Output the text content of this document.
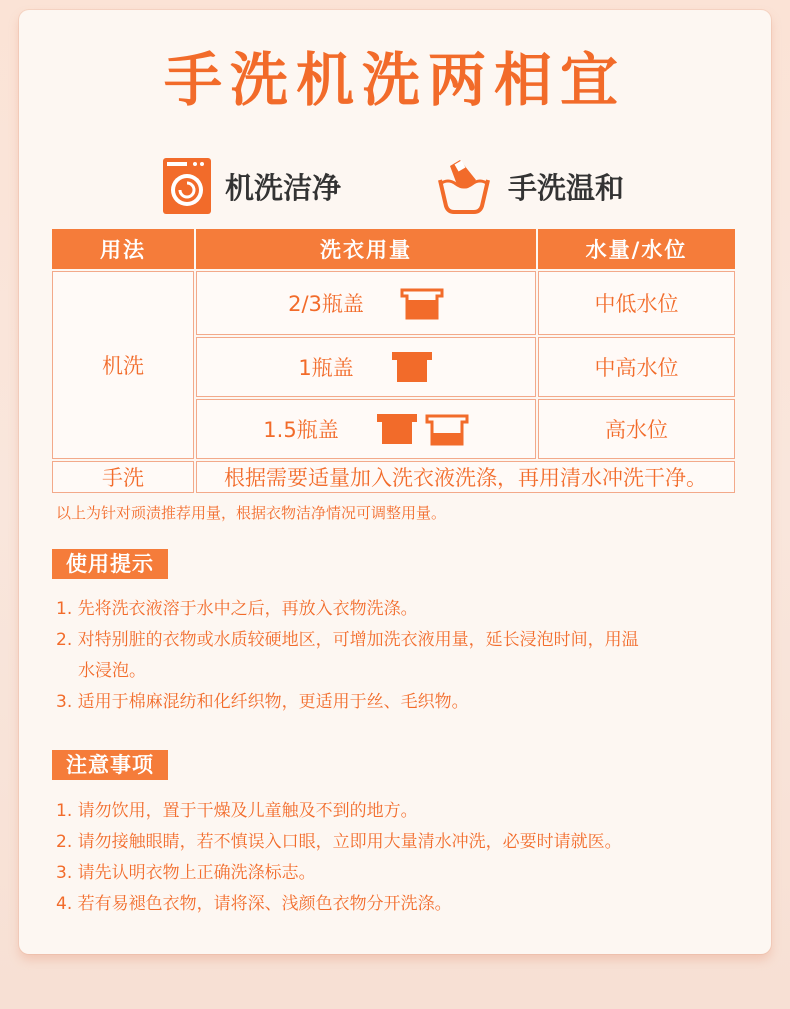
手洗机洗两相宜
机洗洁净	手洗温和
用法	洗衣用量	水量/水位
机洗	2/3瓶盖	中低水位

	1瓶盖	中高水位

	1.5瓶盖	高水位
手洗	根据需要适量加入洗衣液洗涤，再用清水冲洗干净。	
以上为针对顽渍推荐用量，根据衣物洁净情况可调整用量。
使用提示
1. 先将洗衣液溶于水中之后，再放入衣物洗涤。
2. 对特别脏的衣物或水质较硬地区，可增加洗衣液用量，延长浸泡时间，用温
水浸泡。
3. 适用于棉麻混纺和化纤织物，更适用于丝、毛织物。
注意事项
1. 请勿饮用，置于干燥及儿童触及不到的地方。
2. 请勿接触眼睛，若不慎误入口眼，立即用大量清水冲洗，必要时请就医。
3. 请先认明衣物上正确洗涤标志。
4. 若有易褪色衣物，请将深、浅颜色衣物分开洗涤。
